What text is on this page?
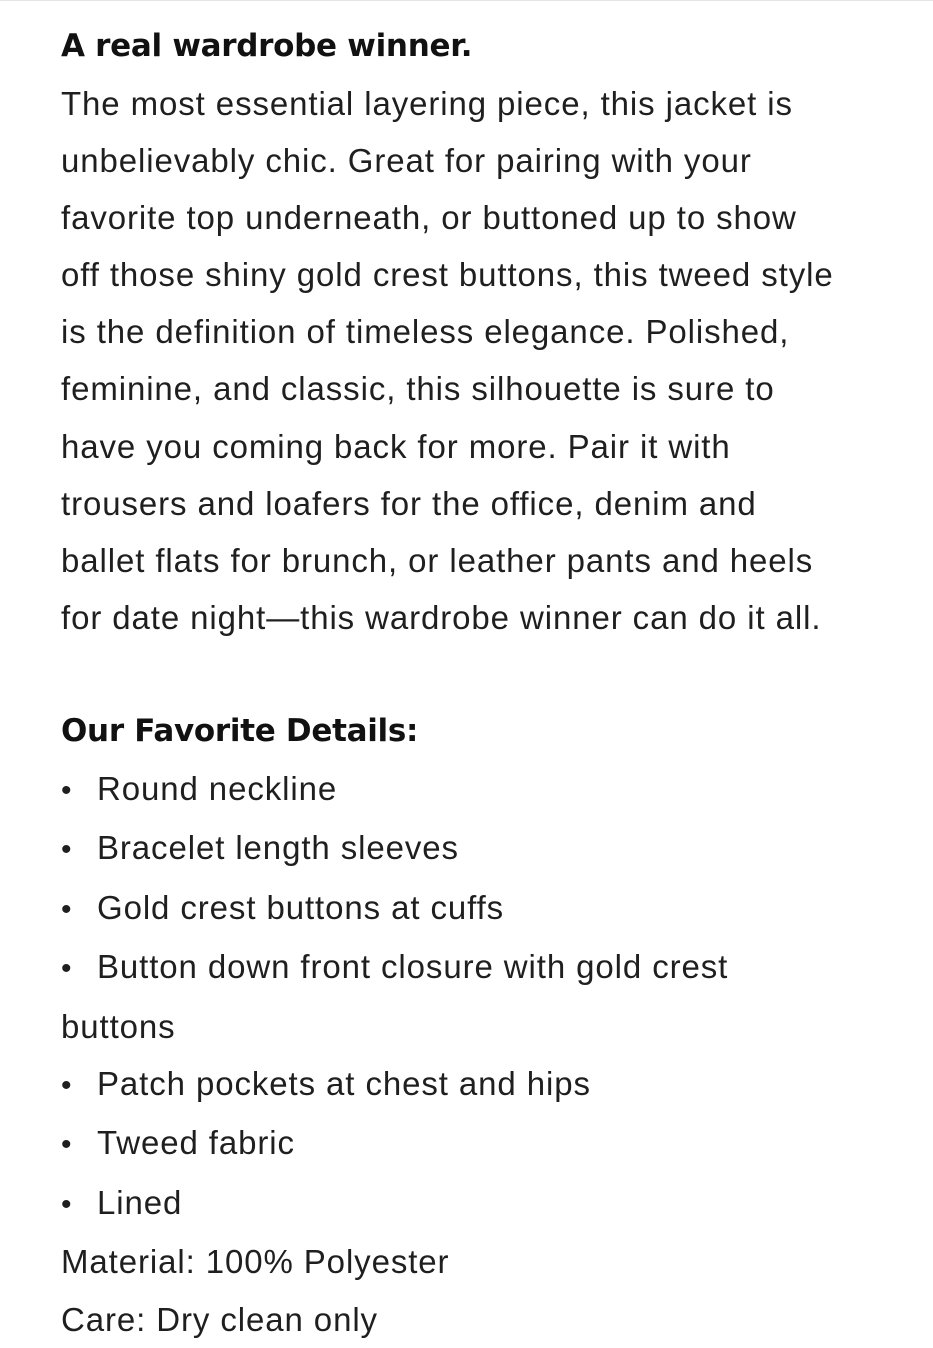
A real wardrobe winner.

The most essential layering piece, this jacket is
unbelievably chic. Great for pairing with your
favorite top underneath, or buttoned up to show
off those shiny gold crest buttons, this tweed style
is the definition of timeless elegance. Polished,
feminine, and classic, this silhouette is sure to
have you coming back for more. Pair it with
trousers and loafers for the office, denim and
ballet flats for brunch, or leather pants and heels
for date night—this wardrobe winner can do it all.

Our Favorite Details:
• Round neckline
• Bracelet length sleeves
• Gold crest buttons at cuffs
• Button down front closure with gold crest
buttons
• Patch pockets at chest and hips
• Tweed fabric
• Lined

Material: 100% Polyester

Care: Dry clean only
